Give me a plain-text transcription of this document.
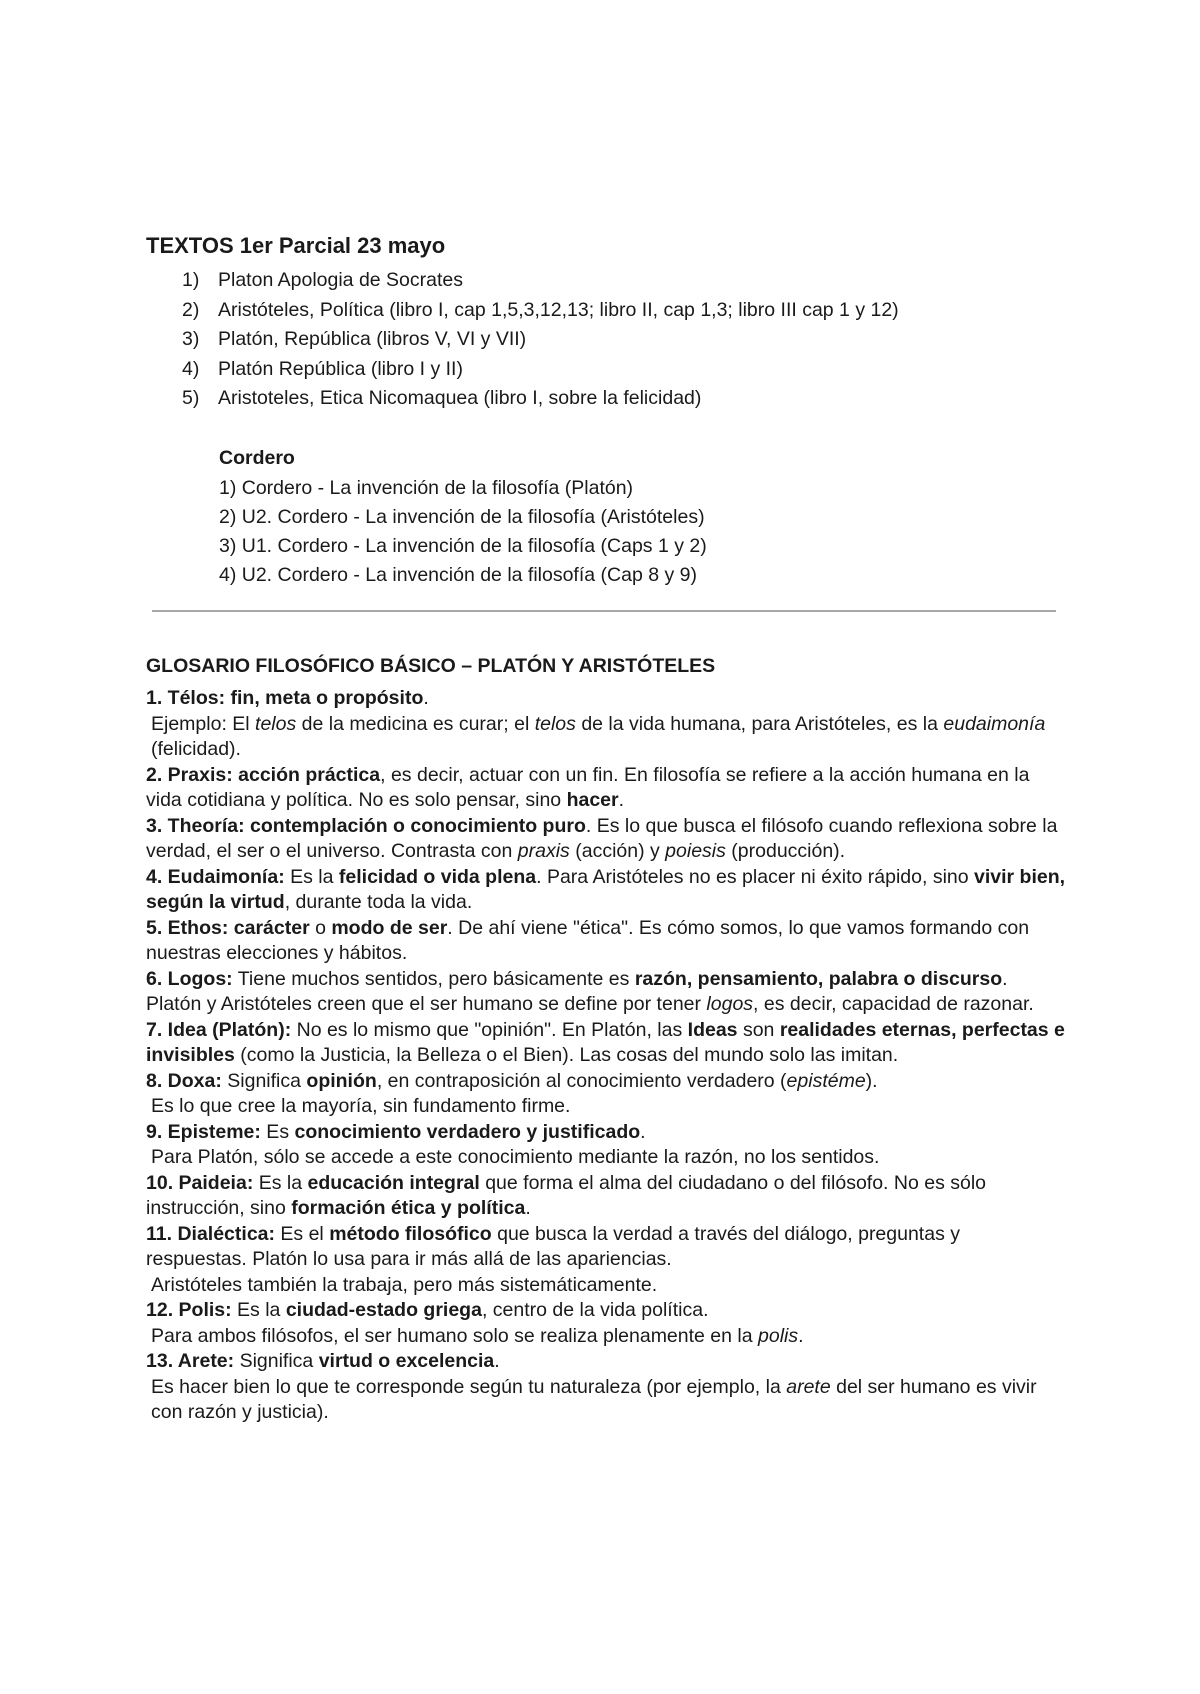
TEXTOS 1er Parcial 23 mayo
1) Platon Apologia de Socrates
2) Aristóteles, Política (libro I, cap 1,5,3,12,13; libro II, cap 1,3; libro III cap 1 y 12)
3) Platón, República (libros V, VI y VII)
4) Platón República (libro I y II)
5) Aristoteles, Etica Nicomaquea (libro I, sobre la felicidad)
Cordero
1) Cordero - La invención de la filosofía (Platón)
2) U2. Cordero - La invención de la filosofía (Aristóteles)
3) U1. Cordero - La invención de la filosofía (Caps 1 y 2)
4) U2. Cordero - La invención de la filosofía (Cap 8 y 9)
GLOSARIO FILOSÓFICO BÁSICO – PLATÓN Y ARISTÓTELES

1. Télos: fin, meta o propósito.

Ejemplo: El telos de la medicina es curar; el telos de la vida humana, para Aristóteles, es la eudaimonía (felicidad).

2. Praxis: acción práctica, es decir, actuar con un fin. En filosofía se refiere a la acción humana en la vida cotidiana y política. No es solo pensar, sino hacer.

3. Theoría: contemplación o conocimiento puro. Es lo que busca el filósofo cuando reflexiona sobre la verdad, el ser o el universo. Contrasta con praxis (acción) y poiesis (producción).

4. Eudaimonía: Es la felicidad o vida plena. Para Aristóteles no es placer ni éxito rápido, sino vivir bien, según la virtud, durante toda la vida.

5. Ethos: carácter o modo de ser. De ahí viene "ética". Es cómo somos, lo que vamos formando con nuestras elecciones y hábitos.

6. Logos: Tiene muchos sentidos, pero básicamente es razón, pensamiento, palabra o discurso. Platón y Aristóteles creen que el ser humano se define por tener logos, es decir, capacidad de razonar.

7. Idea (Platón): No es lo mismo que "opinión". En Platón, las Ideas son realidades eternas, perfectas e invisibles (como la Justicia, la Belleza o el Bien). Las cosas del mundo solo las imitan.

8. Doxa: Significa opinión, en contraposición al conocimiento verdadero (epistéme).

Es lo que cree la mayoría, sin fundamento firme.

9. Episteme: Es conocimiento verdadero y justificado.

Para Platón, sólo se accede a este conocimiento mediante la razón, no los sentidos.

10. Paideia: Es la educación integral que forma el alma del ciudadano o del filósofo. No es sólo instrucción, sino formación ética y política.

11. Dialéctica: Es el método filosófico que busca la verdad a través del diálogo, preguntas y respuestas. Platón lo usa para ir más allá de las apariencias.

Aristóteles también la trabaja, pero más sistemáticamente.

12. Polis: Es la ciudad-estado griega, centro de la vida política.

Para ambos filósofos, el ser humano solo se realiza plenamente en la polis.

13. Arete: Significa virtud o excelencia.

Es hacer bien lo que te corresponde según tu naturaleza (por ejemplo, la arete del ser humano es vivir con razón y justicia).
